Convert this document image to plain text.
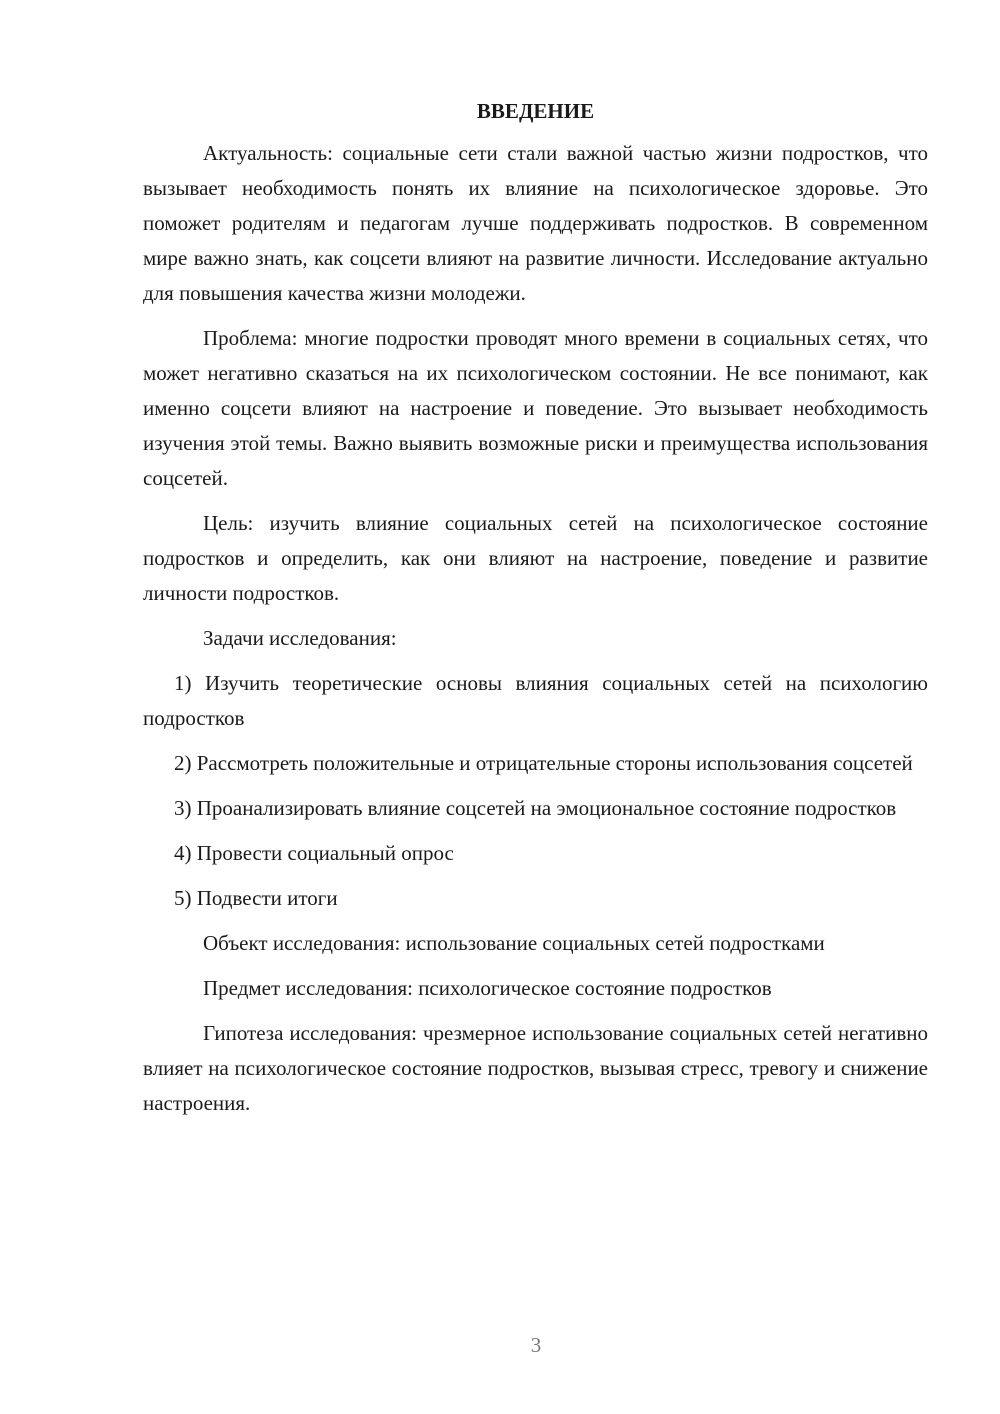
ВВЕДЕНИЕ

Актуальность: социальные сети стали важной частью жизни подростков, что вызывает необходимость понять их влияние на психологическое здоровье. Это поможет родителям и педагогам лучше поддерживать подростков. В современном мире важно знать, как соцсети влияют на развитие личности. Исследование актуально для повышения качества жизни молодежи.

Проблема: многие подростки проводят много времени в социальных сетях, что может негативно сказаться на их психологическом состоянии. Не все понимают, как именно соцсети влияют на настроение и поведение. Это вызывает необходимость изучения этой темы. Важно выявить возможные риски и преимущества использования соцсетей.

Цель: изучить влияние социальных сетей на психологическое состояние подростков и определить, как они влияют на настроение, поведение и развитие личности подростков.

Задачи исследования:

1) Изучить теоретические основы влияния социальных сетей на психологию подростков

2) Рассмотреть положительные и отрицательные стороны использования соцсетей

3) Проанализировать влияние соцсетей на эмоциональное состояние подростков

4) Провести социальный опрос

5) Подвести итоги

Объект исследования: использование социальных сетей подростками

Предмет исследования: психологическое состояние подростков

Гипотеза исследования: чрезмерное использование социальных сетей негативно влияет на психологическое состояние подростков, вызывая стресс, тревогу и снижение настроения.

3
